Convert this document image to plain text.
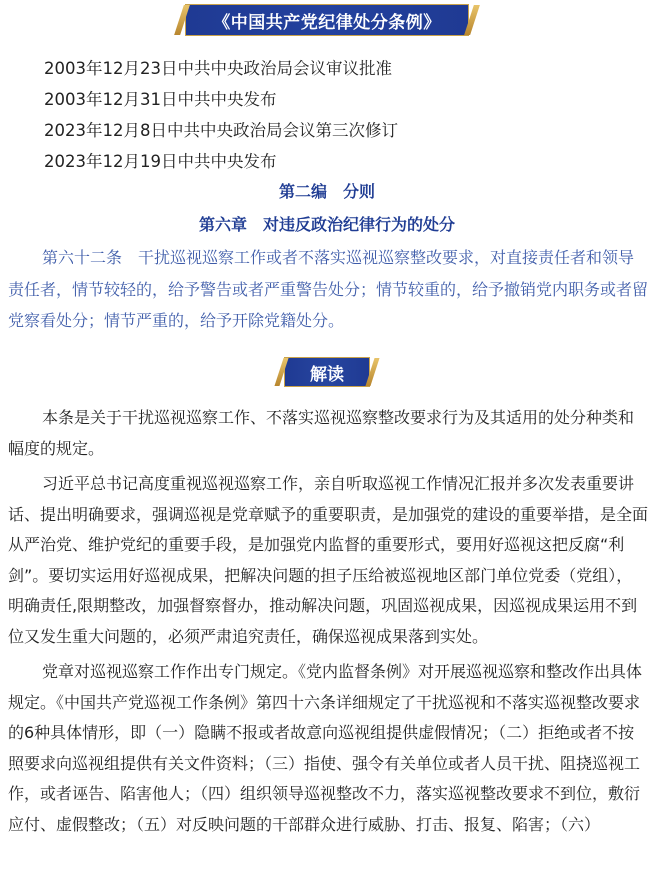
《中国共产党纪律处分条例》
2003年12月23日中共中央政治局会议审议批准
2003年12月31日中共中央发布
2023年12月8日中共中央政治局会议第三次修订
2023年12月19日中共中央发布
第二编　分则
第六章　对违反政治纪律行为的处分

第六十二条　干扰巡视巡察工作或者不落实巡视巡察整改要求，对直接责任者和领导责任者，情节较轻的，给予警告或者严重警告处分；情节较重的，给予撤销党内职务或者留党察看处分；情节严重的，给予开除党籍处分。

解读

本条是关于干扰巡视巡察工作、不落实巡视巡察整改要求行为及其适用的处分种类和幅度的规定。

习近平总书记高度重视巡视巡察工作，亲自听取巡视工作情况汇报并多次发表重要讲话、提出明确要求，强调巡视是党章赋予的重要职责，是加强党的建设的重要举措，是全面从严治党、维护党纪的重要手段，是加强党内监督的重要形式，要用好巡视这把反腐“利剑”。要切实运用好巡视成果，把解决问题的担子压给被巡视地区部门单位党委（党组），明确责任,限期整改，加强督察督办，推动解决问题，巩固巡视成果，因巡视成果运用不到位又发生重大问题的，必须严肃追究责任，确保巡视成果落到实处。

党章对巡视巡察工作作出专门规定。《党内监督条例》对开展巡视巡察和整改作出具体规定。《中国共产党巡视工作条例》第四十六条详细规定了干扰巡视和不落实巡视整改要求的6种具体情形，即（一）隐瞒不报或者故意向巡视组提供虚假情况；（二）拒绝或者不按照要求向巡视组提供有关文件资料；（三）指使、强令有关单位或者人员干扰、阻挠巡视工作，或者诬告、陷害他人；（四）组织领导巡视整改不力，落实巡视整改要求不到位，敷衍应付、虚假整改；（五）对反映问题的干部群众进行威胁、打击、报复、陷害；（六）
